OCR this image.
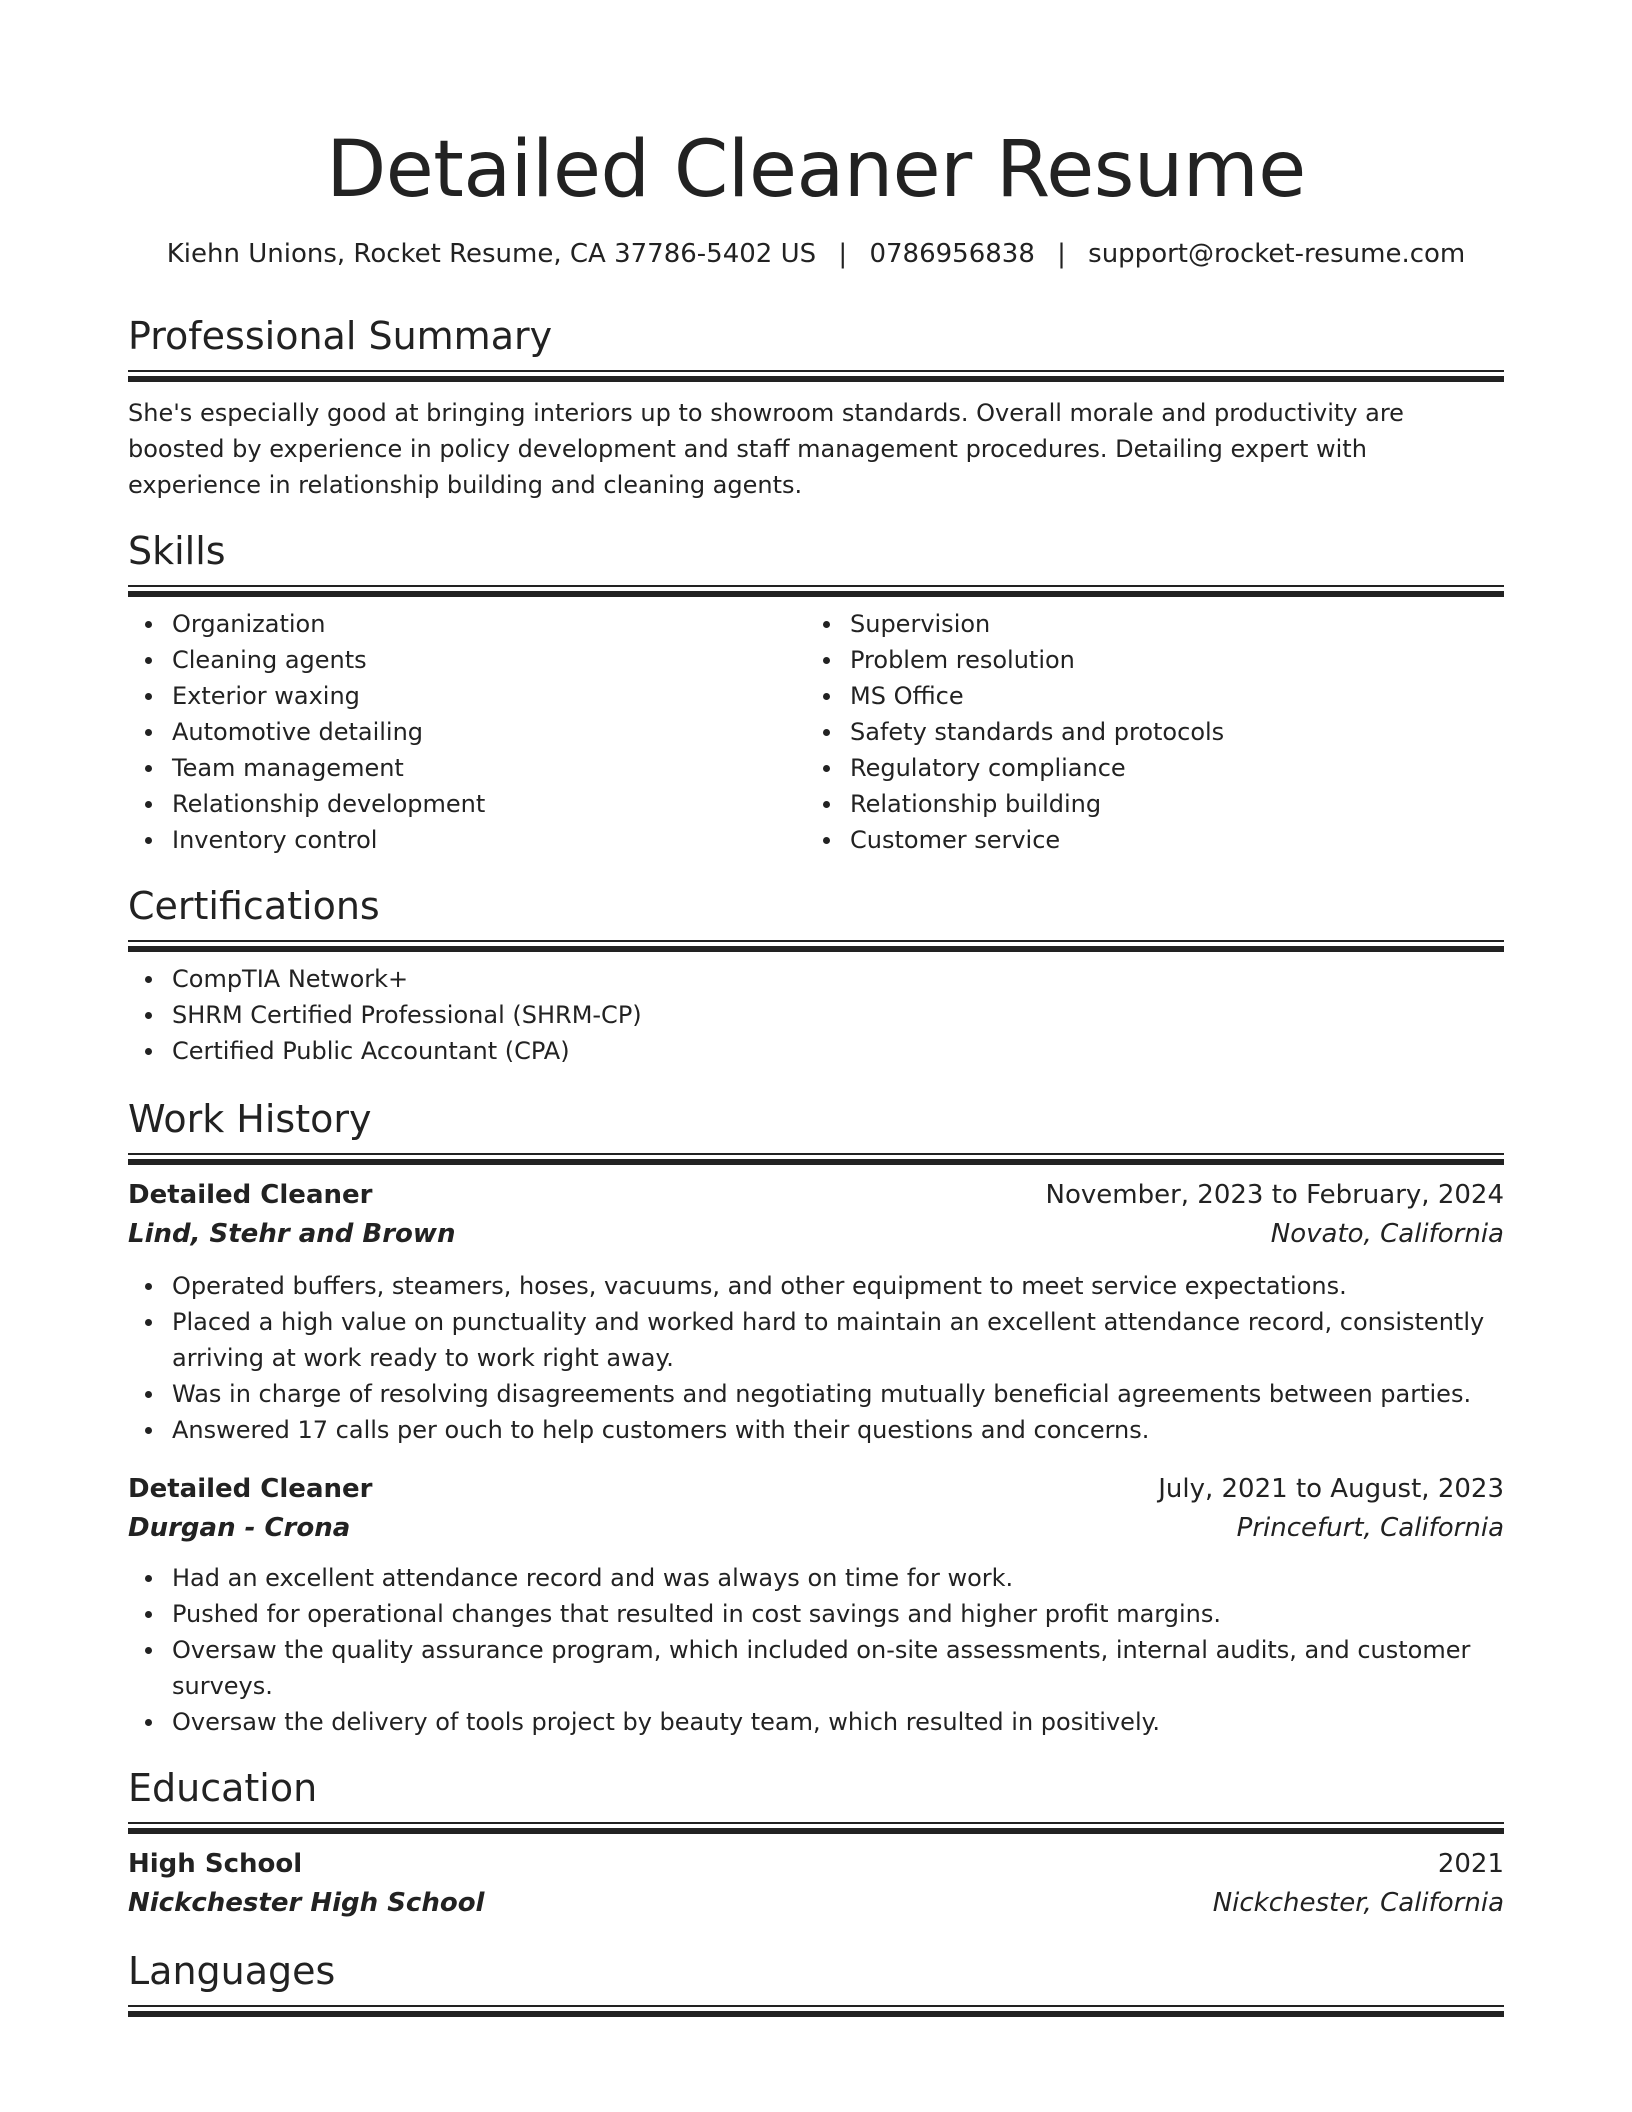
Detailed Cleaner Resume
Kiehn Unions, Rocket Resume, CA 37786-5402 US | 0786956838 | support@rocket-resume.com
Professional Summary

She's especially good at bringing interiors up to showroom standards. Overall morale and productivity are boosted by experience in policy development and staff management procedures. Detailing expert with experience in relationship building and cleaning agents.

Skills
Organization
Cleaning agents
Exterior waxing
Automotive detailing
Team management
Relationship development
Inventory control
Supervision
Problem resolution
MS Office
Safety standards and protocols
Regulatory compliance
Relationship building
Customer service
Certifications
CompTIA Network+
SHRM Certified Professional (SHRM-CP)
Certified Public Accountant (CPA)
Work History
Detailed Cleaner	November, 2023 to February, 2024
Lind, Stehr and Brown	Novato, California
Operated buffers, steamers, hoses, vacuums, and other equipment to meet service expectations.
Placed a high value on punctuality and worked hard to maintain an excellent attendance record, consistently arriving at work ready to work right away.
Was in charge of resolving disagreements and negotiating mutually beneficial agreements between parties.
Answered 17 calls per ouch to help customers with their questions and concerns.
Detailed Cleaner	July, 2021 to August, 2023
Durgan - Crona	Princefurt, California
Had an excellent attendance record and was always on time for work.
Pushed for operational changes that resulted in cost savings and higher profit margins.
Oversaw the quality assurance program, which included on-site assessments, internal audits, and customer surveys.
Oversaw the delivery of tools project by beauty team, which resulted in positively.
Education
High School	2021
Nickchester High School	Nickchester, California
Languages
